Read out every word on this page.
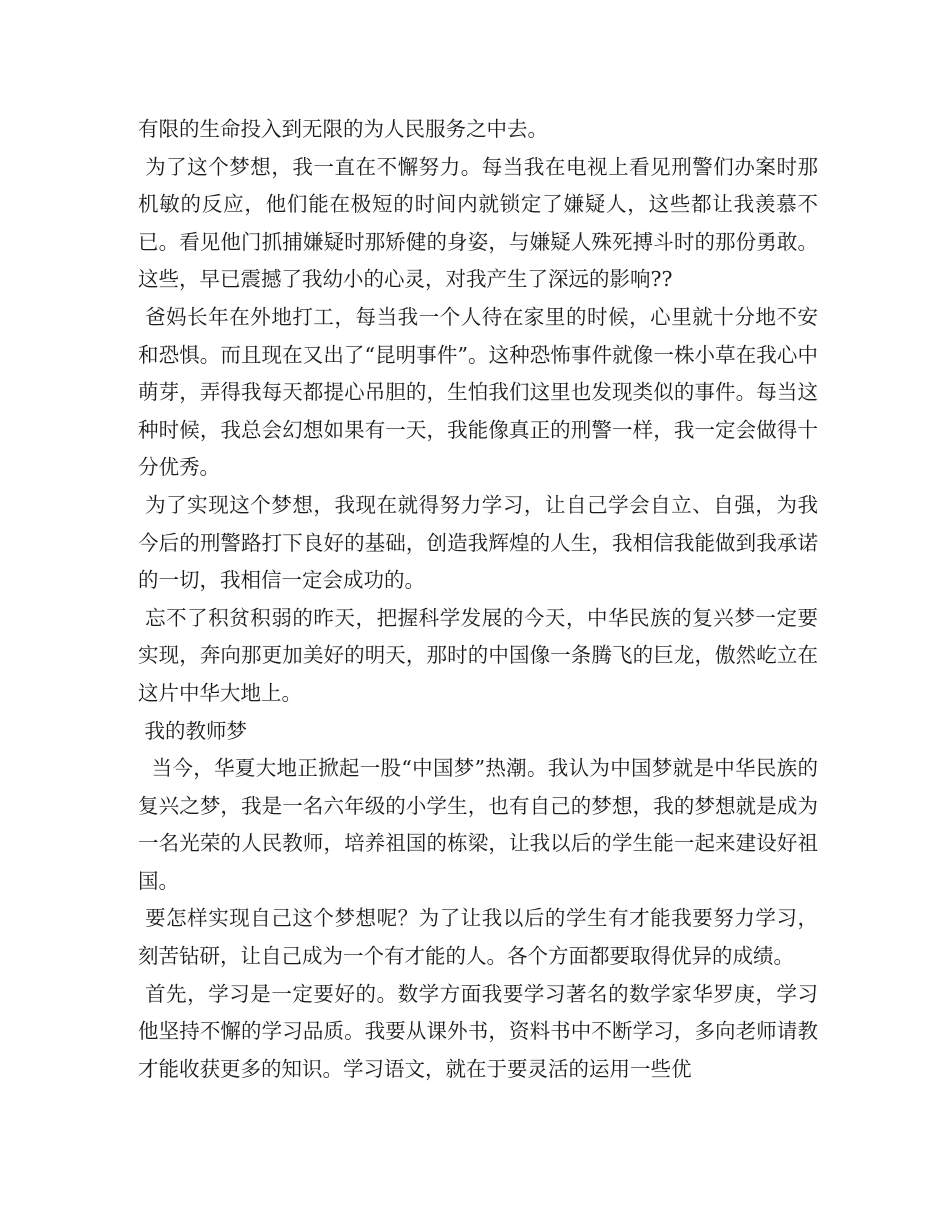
有限的生命投入到无限的为人民服务之中去。

为了这个梦想，我一直在不懈努力。每当我在电视上看见刑警们办案时那机敏的反应，他们能在极短的时间内就锁定了嫌疑人，这些都让我羡慕不已。看见他门抓捕嫌疑时那矫健的身姿，与嫌疑人殊死搏斗时的那份勇敢。这些，早已震撼了我幼小的心灵，对我产生了深远的影响??

爸妈长年在外地打工，每当我一个人待在家里的时候，心里就十分地不安和恐惧。而且现在又出了“昆明事件”。这种恐怖事件就像一株小草在我心中萌芽，弄得我每天都提心吊胆的，生怕我们这里也发现类似的事件。每当这种时候，我总会幻想如果有一天，我能像真正的刑警一样，我一定会做得十分优秀。

为了实现这个梦想，我现在就得努力学习，让自己学会自立、自强，为我今后的刑警路打下良好的基础，创造我辉煌的人生，我相信我能做到我承诺的一切，我相信一定会成功的。

忘不了积贫积弱的昨天，把握科学发展的今天，中华民族的复兴梦一定要实现，奔向那更加美好的明天，那时的中国像一条腾飞的巨龙，傲然屹立在这片中华大地上。

我的教师梦

当今，华夏大地正掀起一股“中国梦”热潮。我认为中国梦就是中华民族的复兴之梦，我是一名六年级的小学生，也有自己的梦想，我的梦想就是成为一名光荣的人民教师，培养祖国的栋梁，让我以后的学生能一起来建设好祖国。

要怎样实现自己这个梦想呢？为了让我以后的学生有才能我要努力学习，刻苦钻研，让自己成为一个有才能的人。各个方面都要取得优异的成绩。

首先，学习是一定要好的。数学方面我要学习著名的数学家华罗庚，学习他坚持不懈的学习品质。我要从课外书，资料书中不断学习，多向老师请教才能收获更多的知识。学习语文，就在于要灵活的运用一些优
